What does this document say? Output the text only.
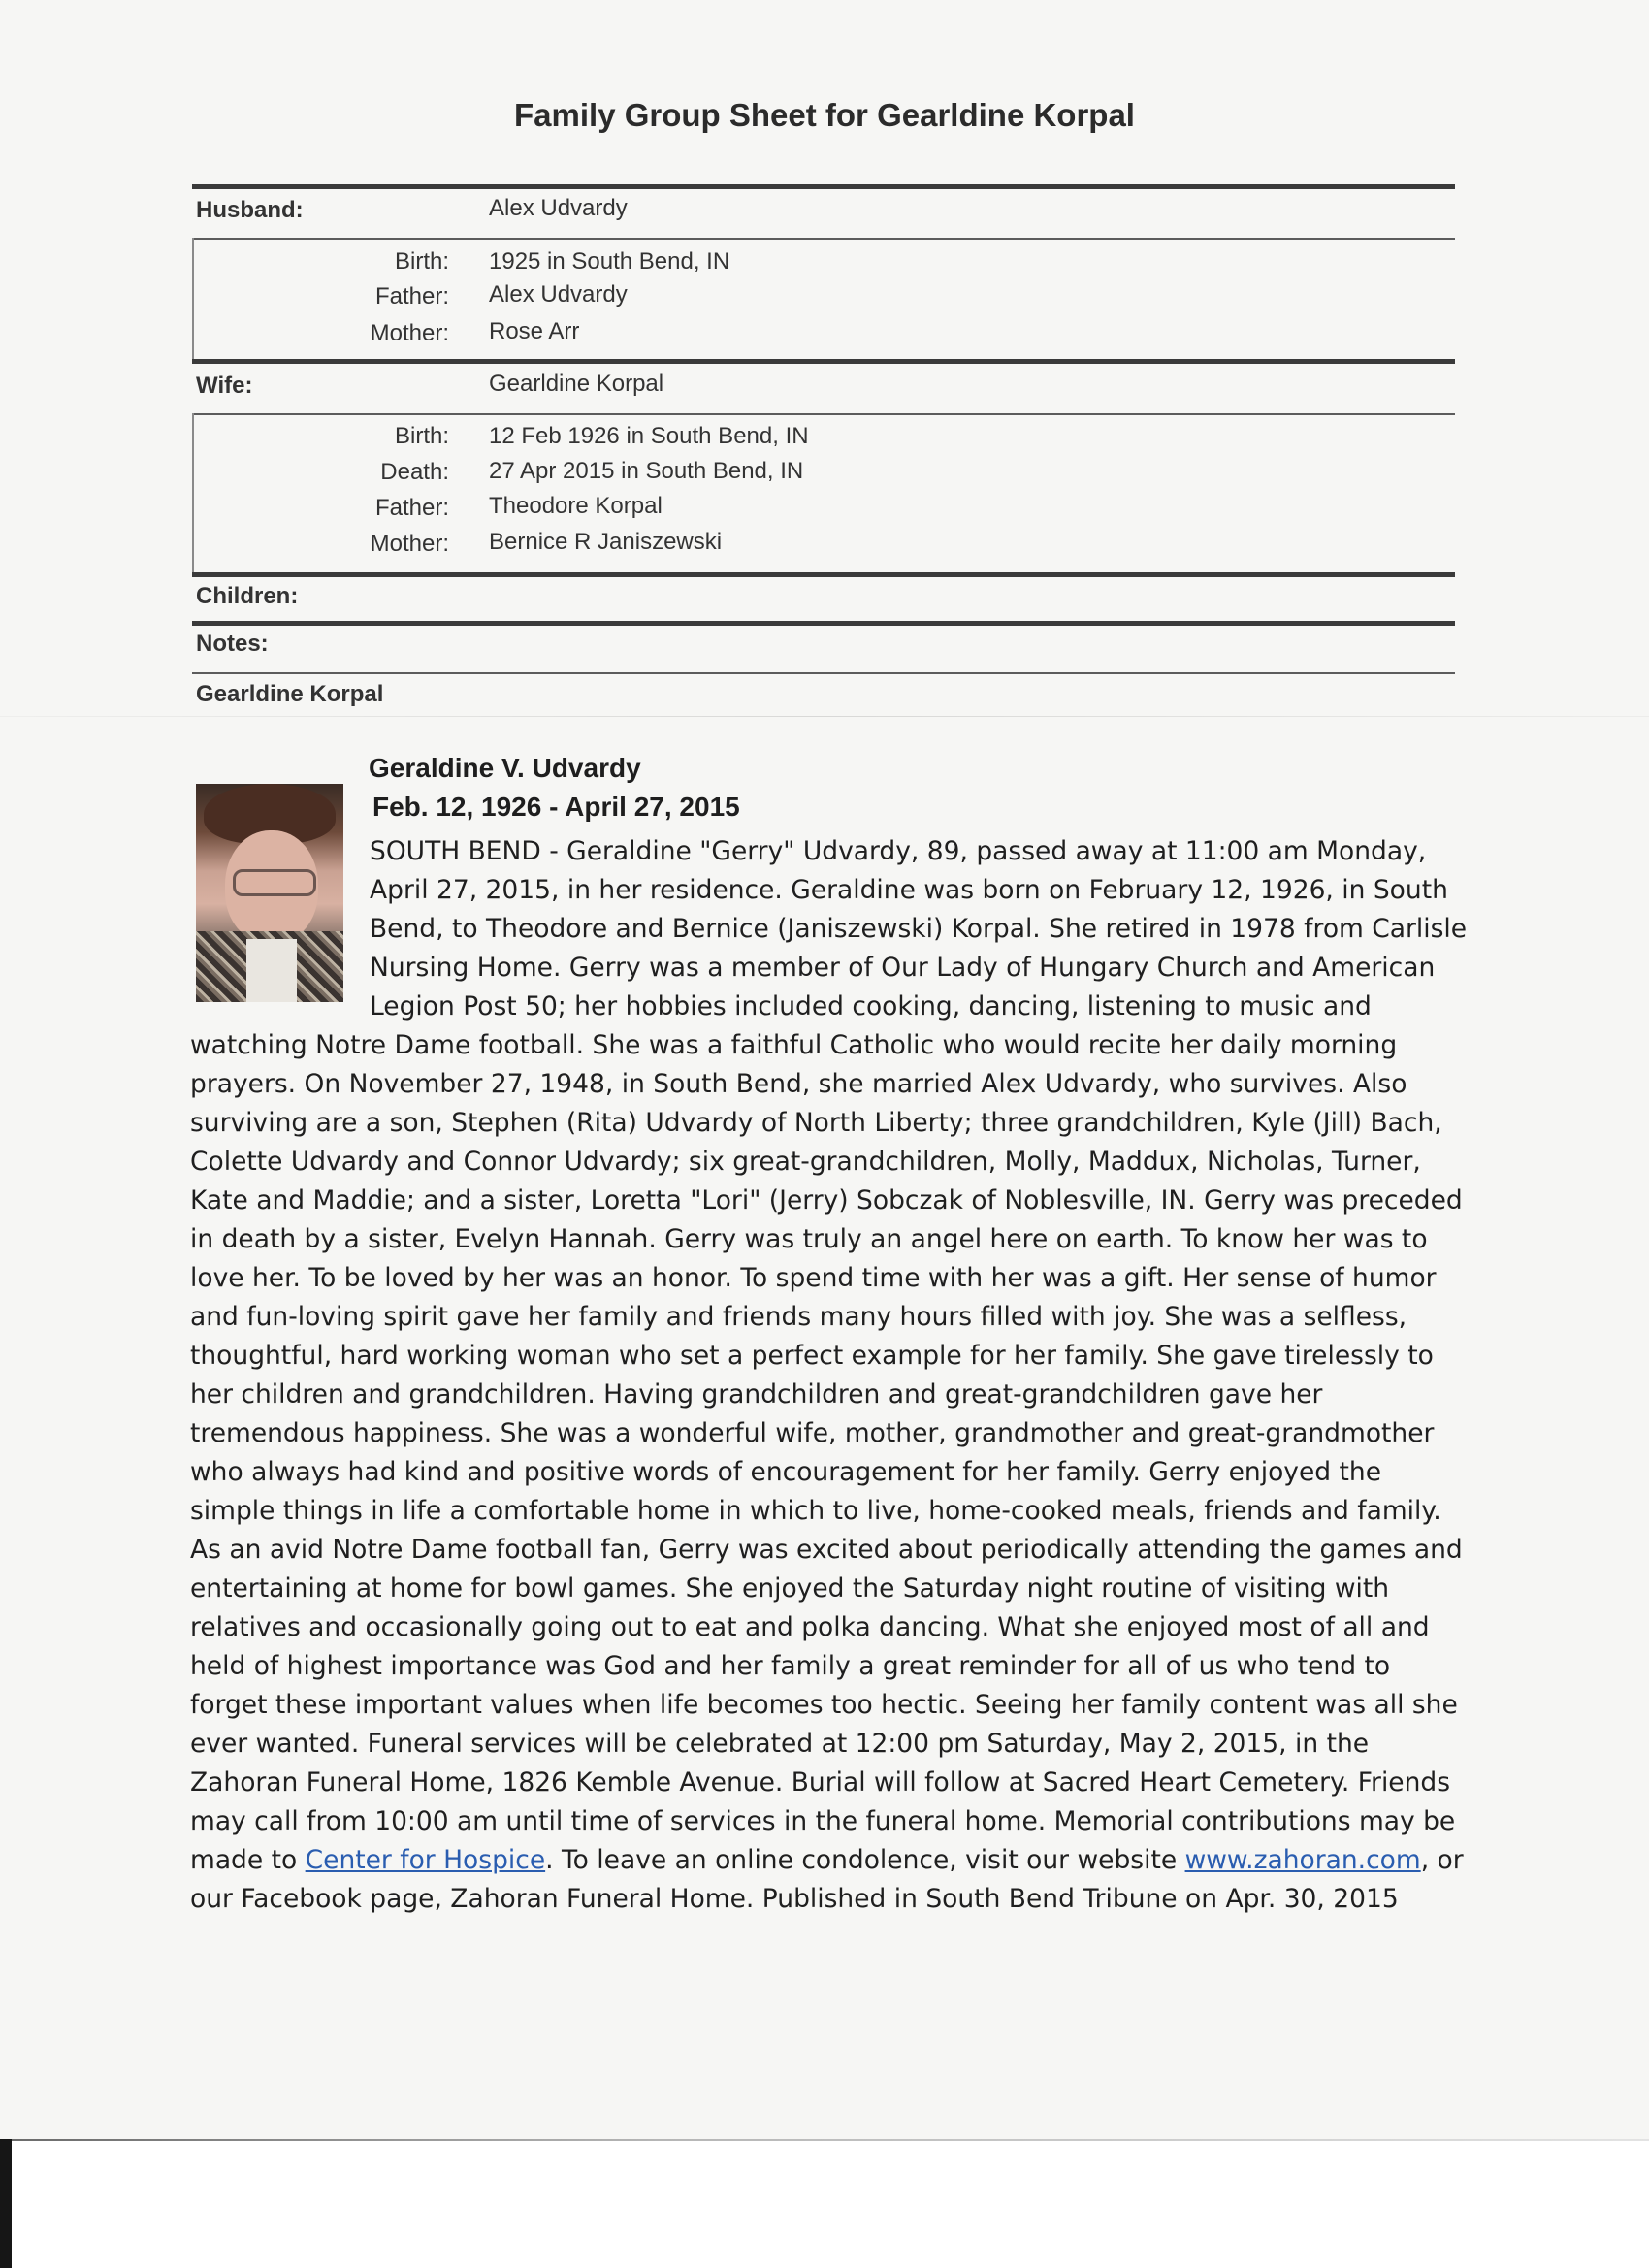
Family Group Sheet for Gearldine Korpal
Husband:	Alex Udvardy
Birth: 1925 in South Bend, IN
Father: Alex Udvardy
Mother: Rose Arr
Wife:	Gearldine Korpal
Birth: 12 Feb 1926 in South Bend, IN
Death: 27 Apr 2015 in South Bend, IN
Father: Theodore Korpal
Mother: Bernice R Janiszewski
Children:
Notes:
Gearldine Korpal
Geraldine V. Udvardy
Feb. 12, 1926 - April 27, 2015
SOUTH BEND - Geraldine "Gerry" Udvardy, 89, passed away at 11:00 am Monday, April 27, 2015, in her residence. Geraldine was born on February 12, 1926, in South Bend, to Theodore and Bernice (Janiszewski) Korpal. She retired in 1978 from Carlisle Nursing Home. Gerry was a member of Our Lady of Hungary Church and American Legion Post 50; her hobbies included cooking, dancing, listening to music and watching Notre Dame football. She was a faithful Catholic who would recite her daily morning prayers. On November 27, 1948, in South Bend, she married Alex Udvardy, who survives. Also surviving are a son, Stephen (Rita) Udvardy of North Liberty; three grandchildren, Kyle (Jill) Bach, Colette Udvardy and Connor Udvardy; six great-grandchildren, Molly, Maddux, Nicholas, Turner, Kate and Maddie; and a sister, Loretta "Lori" (Jerry) Sobczak of Noblesville, IN. Gerry was preceded in death by a sister, Evelyn Hannah. Gerry was truly an angel here on earth. To know her was to love her. To be loved by her was an honor. To spend time with her was a gift. Her sense of humor and fun-loving spirit gave her family and friends many hours filled with joy. She was a selfless, thoughtful, hard working woman who set a perfect example for her family. She gave tirelessly to her children and grandchildren. Having grandchildren and great-grandchildren gave her tremendous happiness. She was a wonderful wife, mother, grandmother and great-grandmother who always had kind and positive words of encouragement for her family. Gerry enjoyed the simple things in life a comfortable home in which to live, home-cooked meals, friends and family. As an avid Notre Dame football fan, Gerry was excited about periodically attending the games and entertaining at home for bowl games. She enjoyed the Saturday night routine of visiting with relatives and occasionally going out to eat and polka dancing. What she enjoyed most of all and held of highest importance was God and her family a great reminder for all of us who tend to forget these important values when life becomes too hectic. Seeing her family content was all she ever wanted. Funeral services will be celebrated at 12:00 pm Saturday, May 2, 2015, in the Zahoran Funeral Home, 1826 Kemble Avenue. Burial will follow at Sacred Heart Cemetery. Friends may call from 10:00 am until time of services in the funeral home. Memorial contributions may be made to Center for Hospice. To leave an online condolence, visit our website www.zahoran.com, or our Facebook page, Zahoran Funeral Home. Published in South Bend Tribune on Apr. 30, 2015
